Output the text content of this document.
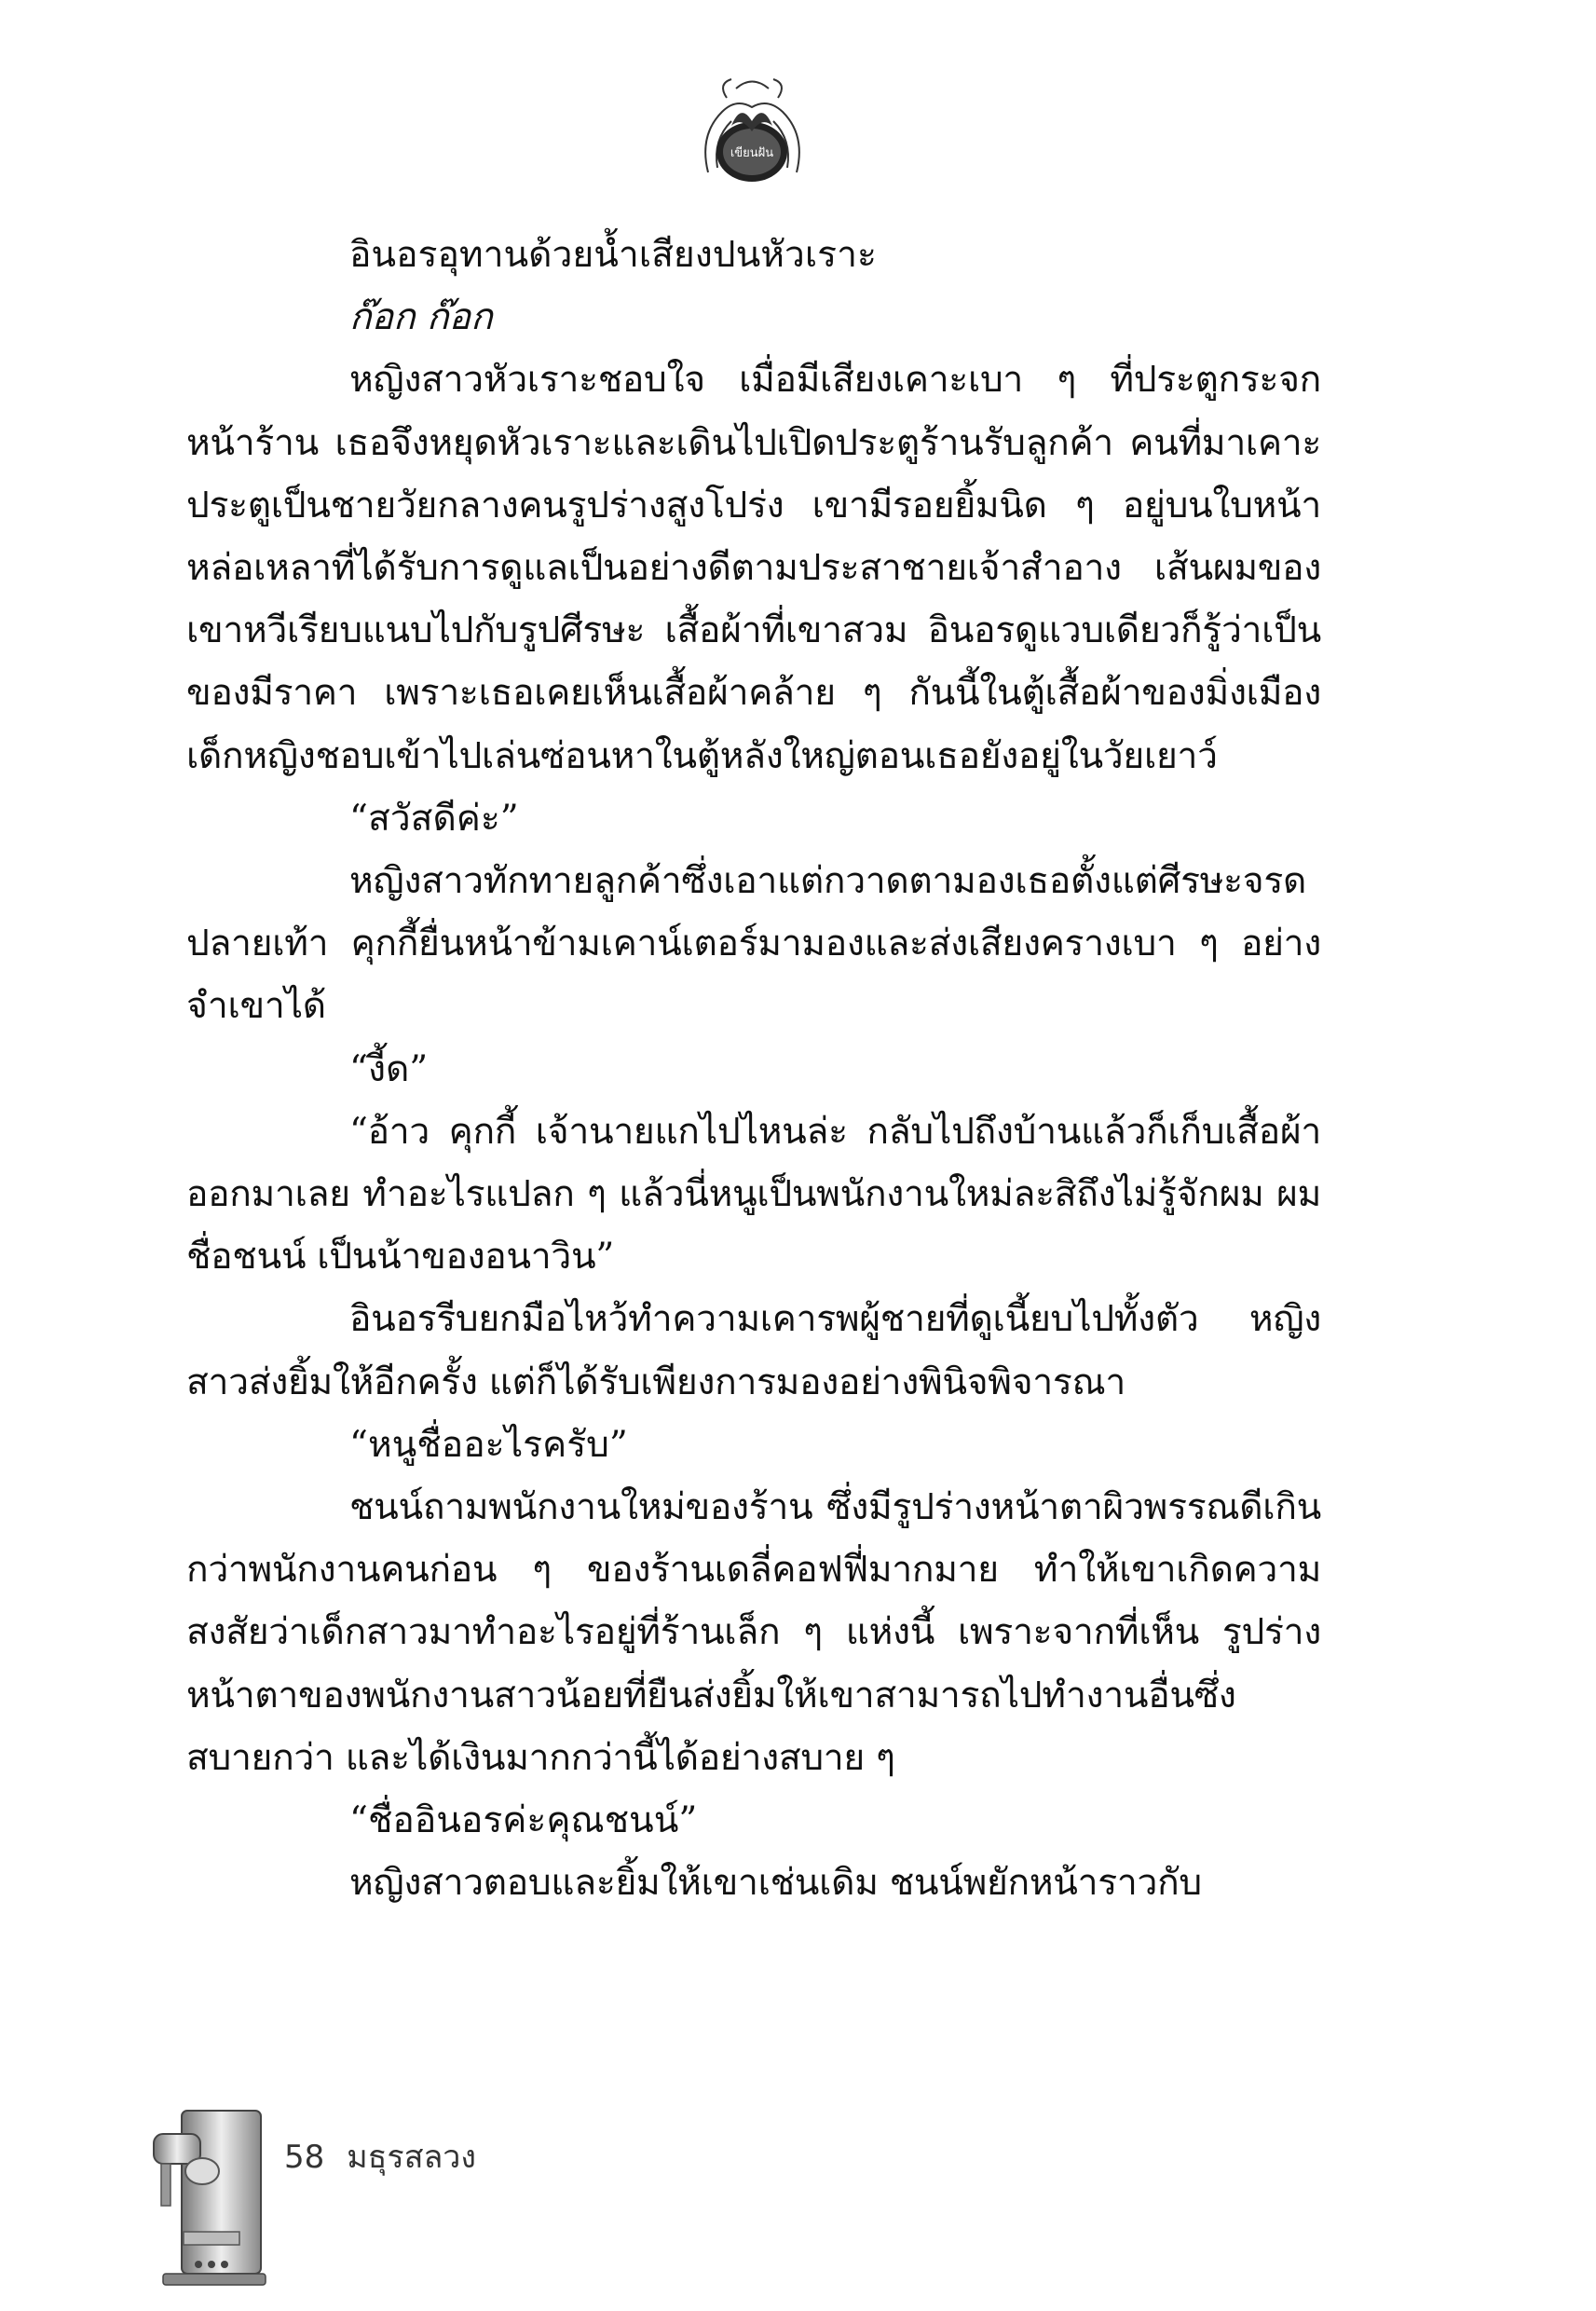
เขียนฝัน

อินอรอุทานด้วยน้ำเสียงปนหัวเราะ

ก๊อก ก๊อก

หญิงสาวหัวเราะชอบใจ เมื่อมีเสียงเคาะเบา ๆ ที่ประตูกระจกหน้าร้าน เธอจึงหยุดหัวเราะและเดินไปเปิดประตูร้านรับลูกค้า คนที่มาเคาะประตูเป็นชายวัยกลางคนรูปร่างสูงโปร่ง เขามีรอยยิ้มนิด ๆ อยู่บนใบหน้าหล่อเหลาที่ได้รับการดูแลเป็นอย่างดีตามประสาชายเจ้าสำอาง เส้นผมของเขาหวีเรียบแนบไปกับรูปศีรษะ เสื้อผ้าที่เขาสวม อินอรดูแวบเดียวก็รู้ว่าเป็นของมีราคา เพราะเธอเคยเห็นเสื้อผ้าคล้าย ๆ กันนี้ในตู้เสื้อผ้าของมิ่งเมือง เด็กหญิงชอบเข้าไปเล่นซ่อนหาในตู้หลังใหญ่ตอนเธอยังอยู่ในวัยเยาว์

“สวัสดีค่ะ”

หญิงสาวทักทายลูกค้าซึ่งเอาแต่กวาดตามองเธอตั้งแต่ศีรษะจรดปลายเท้า คุกกี้ยื่นหน้าข้ามเคาน์เตอร์มามองและส่งเสียงครางเบา ๆ อย่างจำเขาได้

“งี้ด”

“อ้าว คุกกี้ เจ้านายแกไปไหนล่ะ กลับไปถึงบ้านแล้วก็เก็บเสื้อผ้าออกมาเลย ทำอะไรแปลก ๆ แล้วนี่หนูเป็นพนักงานใหม่ละสิถึงไม่รู้จักผม ผมชื่อชนน์ เป็นน้าของอนาวิน”

อินอรรีบยกมือไหว้ทำความเคารพผู้ชายที่ดูเนี้ยบไปทั้งตัว หญิงสาวส่งยิ้มให้อีกครั้ง แต่ก็ได้รับเพียงการมองอย่างพินิจพิจารณา

“หนูชื่ออะไรครับ”

ชนน์ถามพนักงานใหม่ของร้าน ซึ่งมีรูปร่างหน้าตาผิวพรรณดีเกินกว่าพนักงานคนก่อน ๆ ของร้านเดลี่คอฟฟี่มากมาย ทำให้เขาเกิดความสงสัยว่าเด็กสาวมาทำอะไรอยู่ที่ร้านเล็ก ๆ แห่งนี้ เพราะจากที่เห็น รูปร่างหน้าตาของพนักงานสาวน้อยที่ยืนส่งยิ้มให้เขาสามารถไปทำงานอื่นซึ่งสบายกว่า และได้เงินมากกว่านี้ได้อย่างสบาย ๆ

“ชื่ออินอรค่ะคุณชนน์”

หญิงสาวตอบและยิ้มให้เขาเช่นเดิม ชนน์พยักหน้าราวกับ

58 มธุรสลวง
